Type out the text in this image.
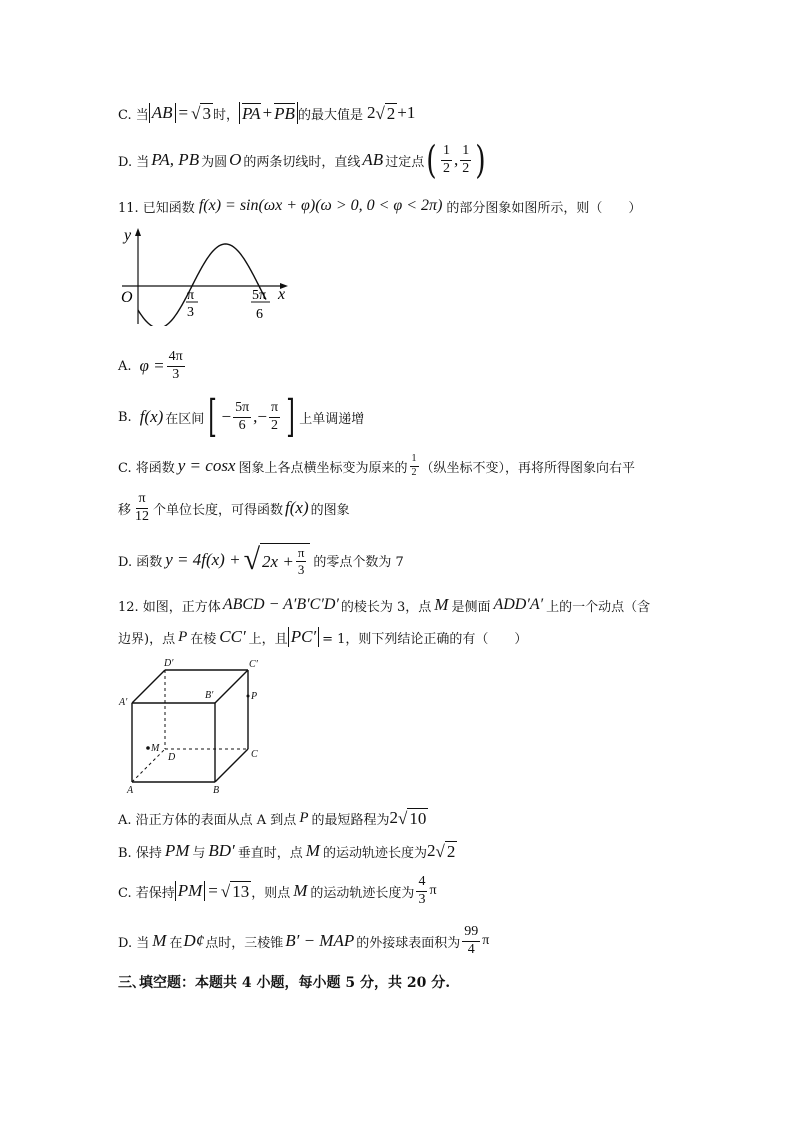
C. 当 AB = √ 3 时， PA + PB 的最大值是 2 √ 2 +1
D. 当 PA, PB 为圆 O 的两条切线时，直线 AB 过定点 ( $\frac{1}{2}$ , $\frac{1}{2}$ )
11. 已知函数 f(x) = sin(ωx + φ)(ω > 0, 0 < φ < 2π) 的部分图象如图所示，则（　　）
y
x
O	π
3
5π
6
A. $\varphi = \frac{4\pi}{3}$
B. f(x) 在区间 [ − $\frac{5\pi}{6}$ ,− $\frac{\pi}{2}$ ] 上单调递增
C. 将函数 y = cosx 图象上各点横坐标变为原来的 $\frac{1}{2}$ （纵坐标不变），再将所得图象向右平
移 $\frac{\pi}{12}$ 个单位长度，可得函数 f(x) 的图象
D. 函数 y = 4f(x) + √ $2x + \frac{\pi}{3}$ 的零点个数为 7
12. 如图，正方体 ABCD − A′B′C′D′ 的棱长为 3，点 M 是侧面 ADD′A′ 上的一个动点（含
边界)，点 P 在棱 CC′ 上，且 PC′ = 1，则下列结论正确的有（　　）
D′	C′
A′
B′	P
M
D	C
A	B
A. 沿正方体的表面从点 A 到点 P 的最短路程为 2 √ 10
B. 保持 PM 与 BD′ 垂直时，点 M 的运动轨迹长度为 2 √ 2
C. 若保持 PM = √ 13 ，则点 M 的运动轨迹长度为 $\frac{4}{3}$ π
D. 当 M 在 D¢ 点时，三棱锥 B′ − MAP 的外接球表面积为 $\frac{99}{4}$ π
三､填空题：本题共 4 小题，每小题 5 分，共 20 分.
